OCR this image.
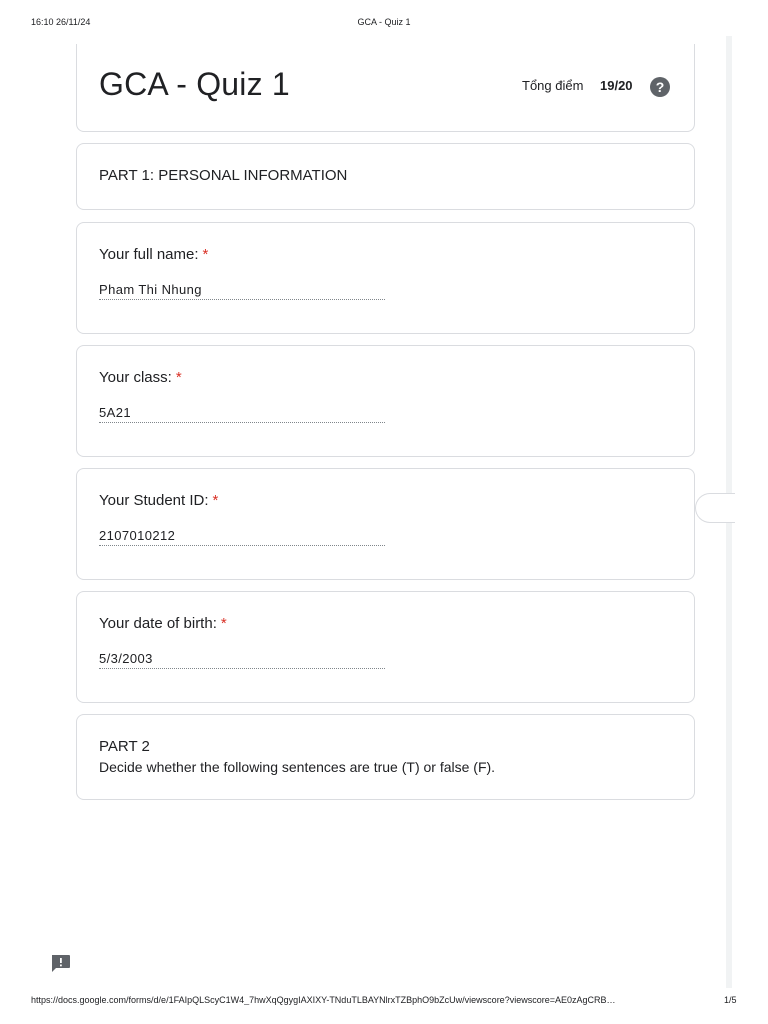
16:10 26/11/24	GCA - Quiz 1
GCA - Quiz 1	Tổng điểm 19/20	?
PART 1: PERSONAL INFORMATION
Your full name: *
Pham Thi Nhung
Your class: *
5A21
Your Student ID: *
2107010212
Your date of birth: *
5/3/2003
PART 2
Decide whether the following sentences are true (T) or false (F).
https://docs.google.com/forms/d/e/1FAIpQLScyC1W4_7hwXqQgygIAXIXY-TNduTLBAYNlrxTZBphO9bZcUw/viewscore?viewscore=AE0zAgCRB…	1/5
